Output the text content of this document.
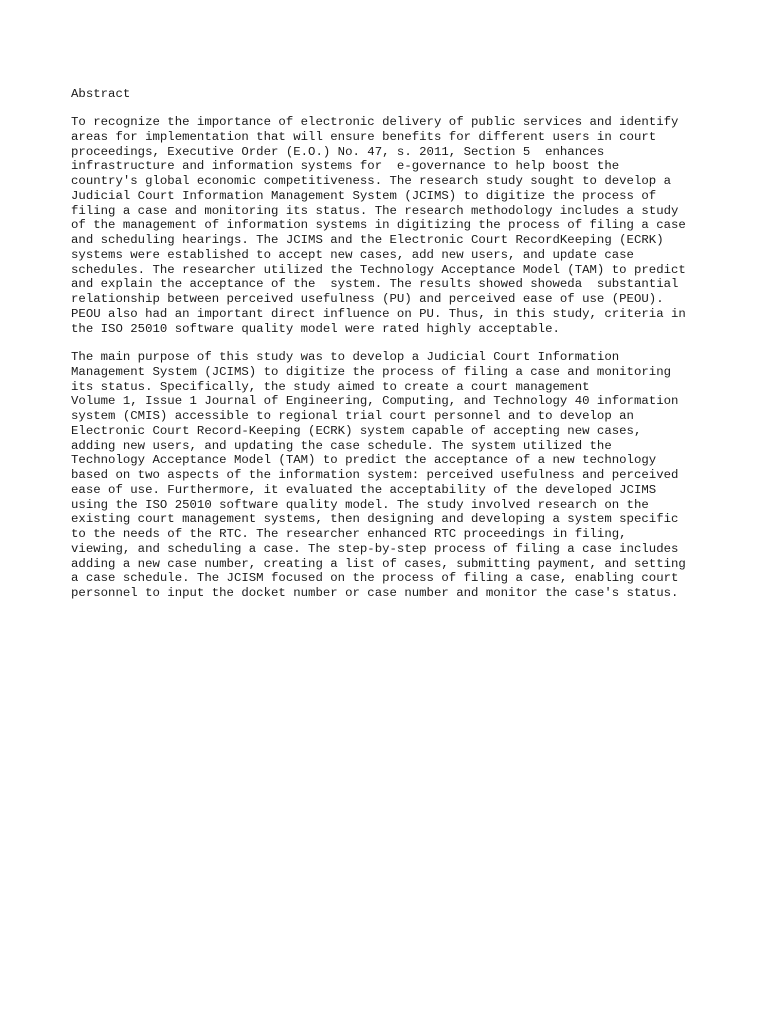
Abstract

To recognize the importance of electronic delivery of public services and identify
areas for implementation that will ensure benefits for different users in court
proceedings, Executive Order (E.O.) No. 47, s. 2011, Section 5  enhances
infrastructure and information systems for  e-governance to help boost the
country's global economic competitiveness. The research study sought to develop a
Judicial Court Information Management System (JCIMS) to digitize the process of
filing a case and monitoring its status. The research methodology includes a study
of the management of information systems in digitizing the process of filing a case
and scheduling hearings. The JCIMS and the Electronic Court RecordKeeping (ECRK)
systems were established to accept new cases, add new users, and update case
schedules. The researcher utilized the Technology Acceptance Model (TAM) to predict
and explain the acceptance of the  system. The results showed showeda  substantial
relationship between perceived usefulness (PU) and perceived ease of use (PEOU).
PEOU also had an important direct influence on PU. Thus, in this study, criteria in
the ISO 25010 software quality model were rated highly acceptable.

The main purpose of this study was to develop a Judicial Court Information
Management System (JCIMS) to digitize the process of filing a case and monitoring
its status. Specifically, the study aimed to create a court management
Volume 1, Issue 1 Journal of Engineering, Computing, and Technology 40 information
system (CMIS) accessible to regional trial court personnel and to develop an
Electronic Court Record-Keeping (ECRK) system capable of accepting new cases,
adding new users, and updating the case schedule. The system utilized the
Technology Acceptance Model (TAM) to predict the acceptance of a new technology
based on two aspects of the information system: perceived usefulness and perceived
ease of use. Furthermore, it evaluated the acceptability of the developed JCIMS
using the ISO 25010 software quality model. The study involved research on the
existing court management systems, then designing and developing a system specific
to the needs of the RTC. The researcher enhanced RTC proceedings in filing,
viewing, and scheduling a case. The step-by-step process of filing a case includes
adding a new case number, creating a list of cases, submitting payment, and setting
a case schedule. The JCISM focused on the process of filing a case, enabling court
personnel to input the docket number or case number and monitor the case's status.
